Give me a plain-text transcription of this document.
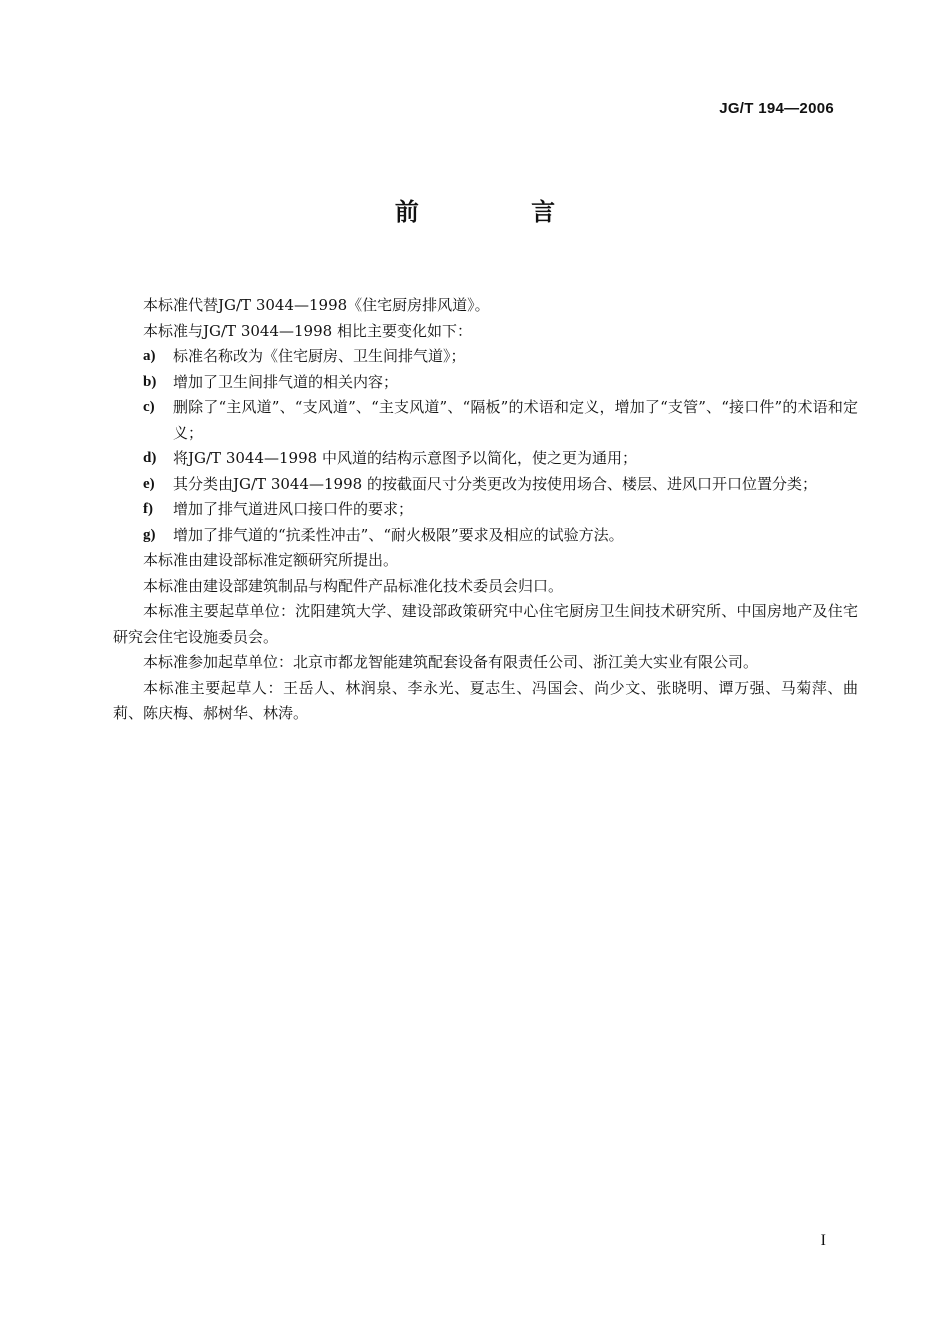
JG/T 194—2006
前 言

本标准代替JG/T 3044—1998《住宅厨房排风道》。

本标准与JG/T 3044—1998 相比主要变化如下：

a)	标准名称改为《住宅厨房、卫生间排气道》；
b)	增加了卫生间排气道的相关内容；
c)	删除了“主风道”、“支风道”、“主支风道”、“隔板”的术语和定义，增加了“支管”、“接口件”的术语和定义；
d)	将JG/T 3044—1998 中风道的结构示意图予以简化，使之更为通用；
e)	其分类由JG/T 3044—1998 的按截面尺寸分类更改为按使用场合、楼层、进风口开口位置分类；
f)	增加了排气道进风口接口件的要求；
g)	增加了排气道的“抗柔性冲击”、“耐火极限”要求及相应的试验方法。

本标准由建设部标准定额研究所提出。

本标准由建设部建筑制品与构配件产品标准化技术委员会归口。

本标准主要起草单位：沈阳建筑大学、建设部政策研究中心住宅厨房卫生间技术研究所、中国房地产及住宅研究会住宅设施委员会。

本标准参加起草单位：北京市都龙智能建筑配套设备有限责任公司、浙江美大实业有限公司。

本标准主要起草人：王岳人、林润泉、李永光、夏志生、冯国会、尚少文、张晓明、谭万强、马菊萍、曲莉、陈庆梅、郝树华、林涛。

I
